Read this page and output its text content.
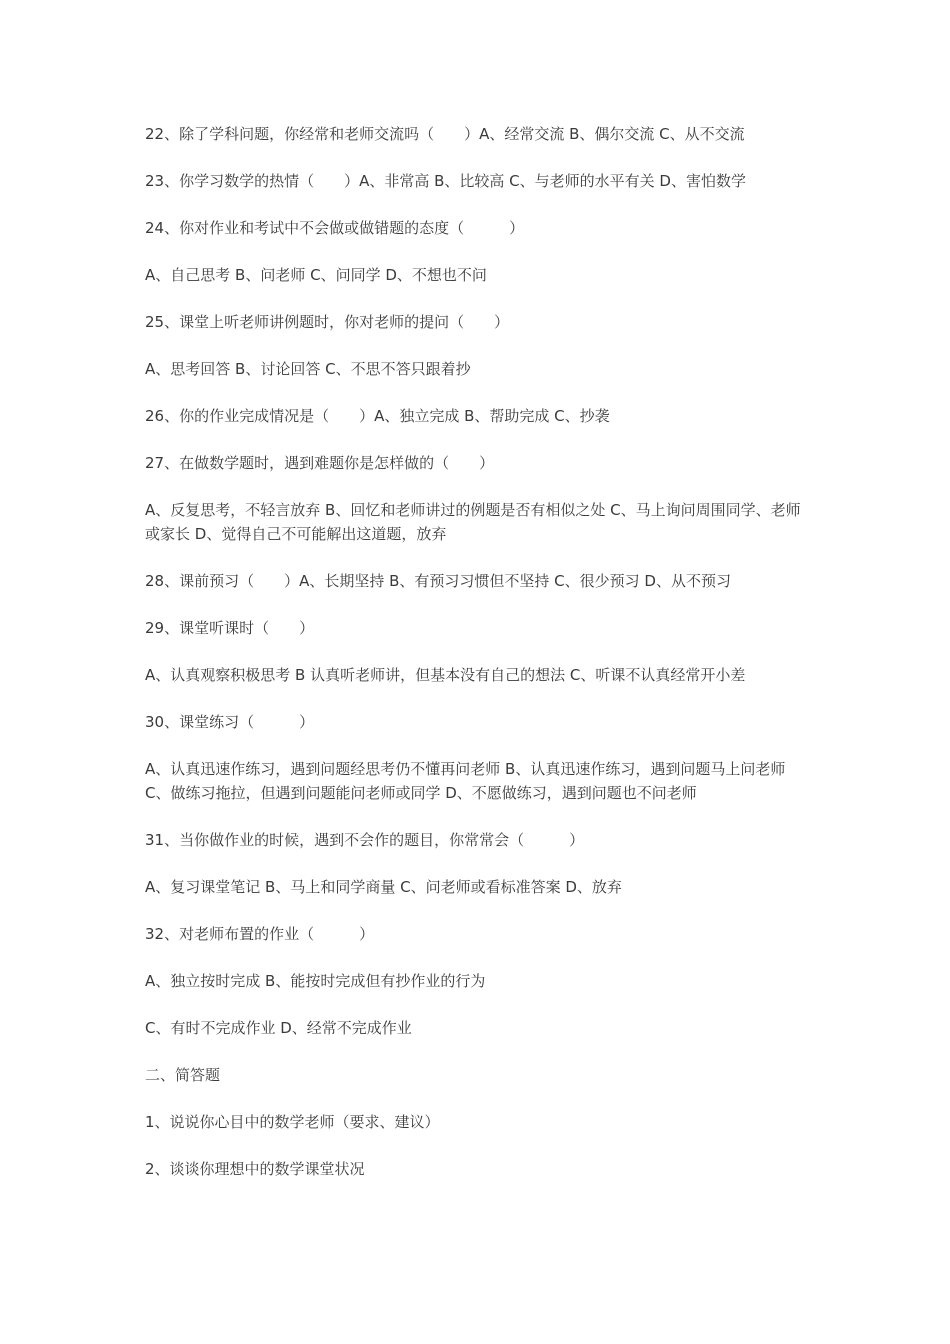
22、除了学科问题，你经常和老师交流吗（　　）A、经常交流 B、偶尔交流 C、从不交流

23、你学习数学的热情（　　）A、非常高 B、比较高 C、与老师的水平有关 D、害怕数学

24、你对作业和考试中不会做或做错题的态度（　　　）

A、自己思考 B、问老师 C、问同学 D、不想也不问

25、课堂上听老师讲例题时，你对老师的提问（　　）

A、思考回答 B、讨论回答 C、不思不答只跟着抄

26、你的作业完成情况是（　　）A、独立完成 B、帮助完成 C、抄袭

27、在做数学题时，遇到难题你是怎样做的（　　）

A、反复思考，不轻言放弃 B、回忆和老师讲过的例题是否有相似之处 C、马上询问周围同学、老师或家长 D、觉得自己不可能解出这道题，放弃

28、课前预习（　　）A、长期坚持 B、有预习习惯但不坚持 C、很少预习 D、从不预习

29、课堂听课时（　　）

A、认真观察积极思考 B 认真听老师讲，但基本没有自己的想法 C、听课不认真经常开小差

30、课堂练习（　　　）

A、认真迅速作练习，遇到问题经思考仍不懂再问老师 B、认真迅速作练习，遇到问题马上问老师 C、做练习拖拉，但遇到问题能问老师或同学 D、不愿做练习，遇到问题也不问老师

31、当你做作业的时候，遇到不会作的题目，你常常会（　　　）

A、复习课堂笔记 B、马上和同学商量 C、问老师或看标准答案 D、放弃

32、对老师布置的作业（　　　）

A、独立按时完成 B、能按时完成但有抄作业的行为

C、有时不完成作业 D、经常不完成作业

二、简答题

1、说说你心目中的数学老师（要求、建议）

2、谈谈你理想中的数学课堂状况
